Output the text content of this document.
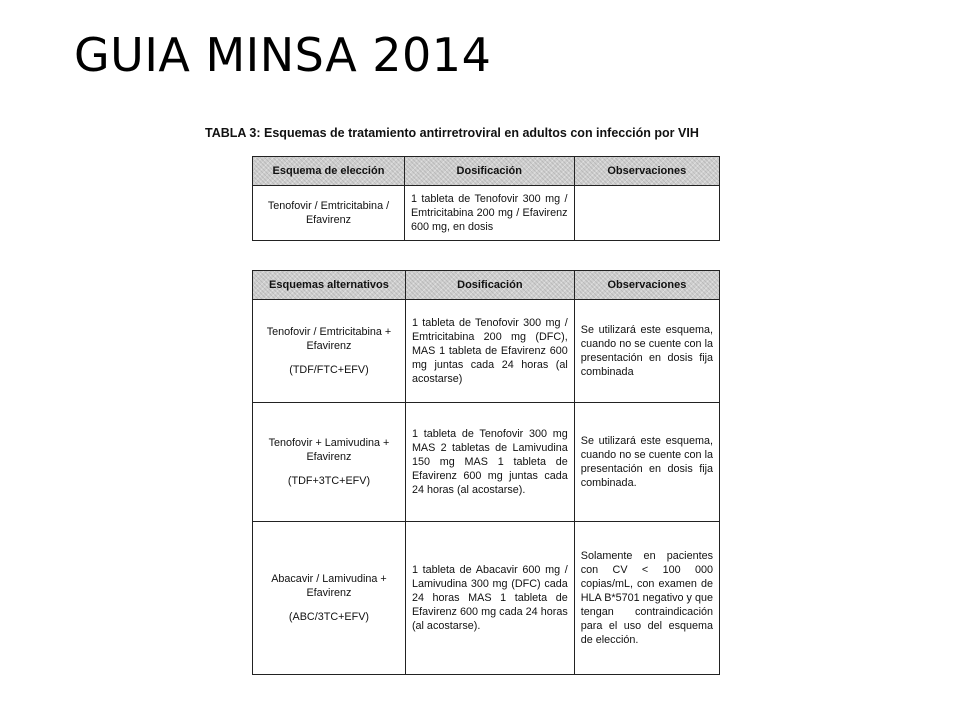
GUIA MINSA 2014
TABLA 3: Esquemas de tratamiento antirretroviral en adultos con infección por VIH
Esquema de elección	Dosificación	Observaciones

Tenofovir / Emtricitabina / Efavirenz	1 tableta de Tenofovir 300 mg / Emtricitabina 200 mg / Efavirenz 600 mg, en dosis	

Esquemas alternativos	Dosificación	Observaciones

Tenofovir / Emtricitabina + Efavirenz
(TDF/FTC+EFV)	1 tableta de Tenofovir 300 mg / Emtricitabina 200 mg (DFC), MAS 1 tableta de Efavirenz 600 mg juntas cada 24 horas (al acostarse)	Se utilizará este esquema, cuando no se cuente con la presentación en dosis fija combinada

Tenofovir + Lamivudina + Efavirenz
(TDF+3TC+EFV)	1 tableta de Tenofovir 300 mg MAS 2 tabletas de Lamivudina 150 mg MAS 1 tableta de Efavirenz 600 mg juntas cada 24 horas (al acostarse).	Se utilizará este esquema, cuando no se cuente con la presentación en dosis fija combinada.

Abacavir / Lamivudina + Efavirenz
(ABC/3TC+EFV)	1 tableta de Abacavir 600 mg / Lamivudina 300 mg (DFC) cada 24 horas MAS 1 tableta de Efavirenz 600 mg cada 24 horas (al acostarse).	Solamente en pacientes con CV < 100 000 copias/mL, con examen de HLA B*5701 negativo y que tengan contraindicación para el uso del esquema de elección.
